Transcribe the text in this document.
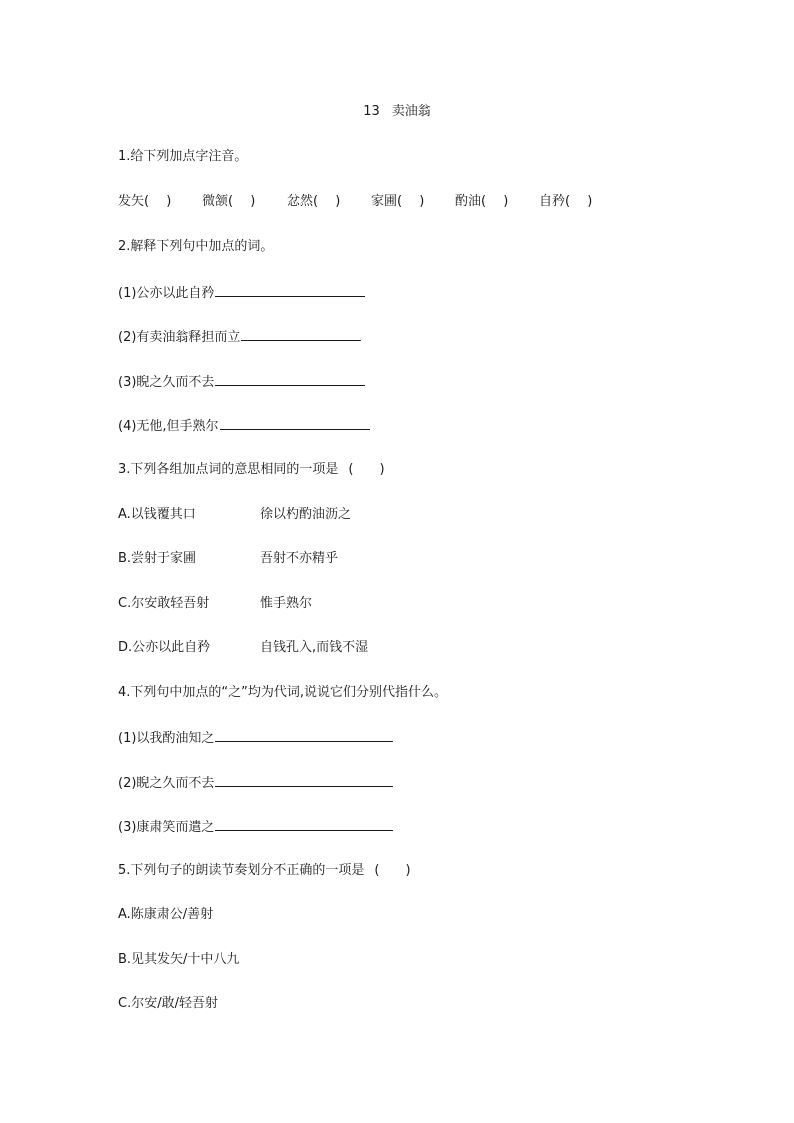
13 卖油翁
1.给下列加点字注音。
发矢(　 ) 微颔(　 ) 忿然(　 ) 家圃(　 ) 酌油(　 ) 自矜(　 )
2.解释下列句中加点的词。
(1)公亦以此自矜
(2)有卖油翁释担而立
(3)睨之久而不去
(4)无他,但手熟尔
3.下列各组加点词的意思相同的一项是 (　　)
A.以钱覆其口	徐以杓酌油沥之
B.尝射于家圃	吾射不亦精乎
C.尔安敢轻吾射	惟手熟尔
D.公亦以此自矜	自钱孔入,而钱不湿
4.下列句中加点的“之”均为代词,说说它们分别代指什么。
(1)以我酌油知之
(2)睨之久而不去
(3)康肃笑而遣之
5.下列句子的朗读节奏划分不正确的一项是 (　　)
A.陈康肃公/善射
B.见其发矢/十中八九
C.尔安/敢/轻吾射
